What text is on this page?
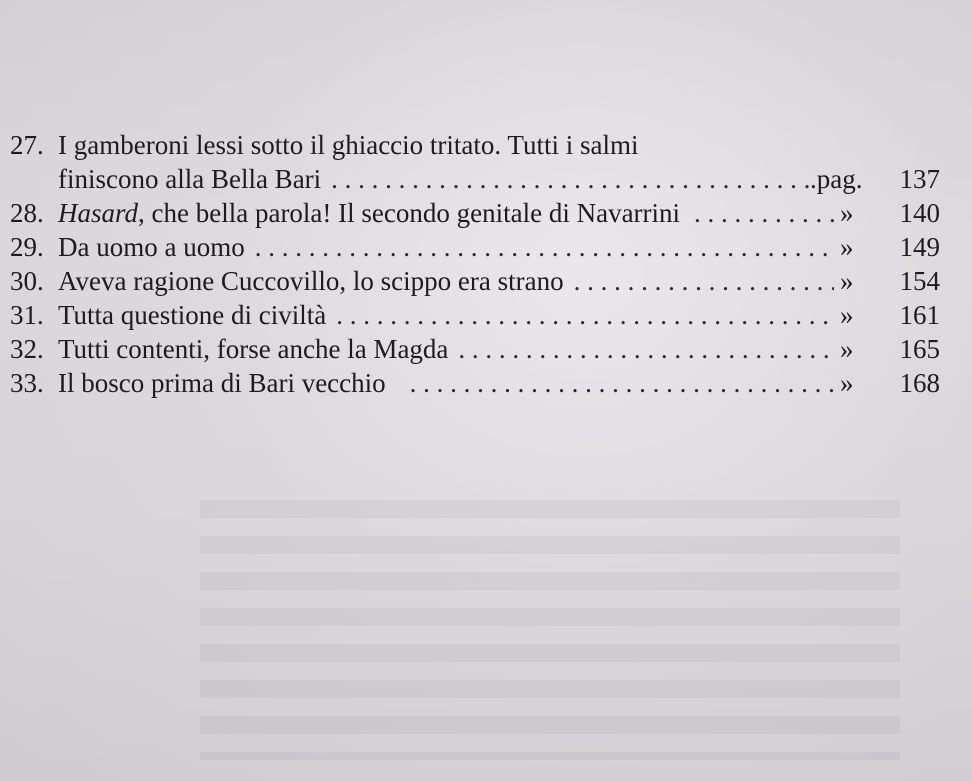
27. I gamberoni lessi sotto il ghiaccio tritato. Tutti i salmi
finiscono alla Bella Bari . . .	.pag.	137
28. Hasard, che bella parola! Il secondo genitale di Navarrini . . .	»	140
29. Da uomo a uomo . . .	»	149
30. Aveva ragione Cuccovillo, lo scippo era strano . . .	»	154
31. Tutta questione di civiltà . . .	»	161
32. Tutti contenti, forse anche la Magda . . .	»	165
33. Il bosco prima di Bari vecchio . . .	»	168
